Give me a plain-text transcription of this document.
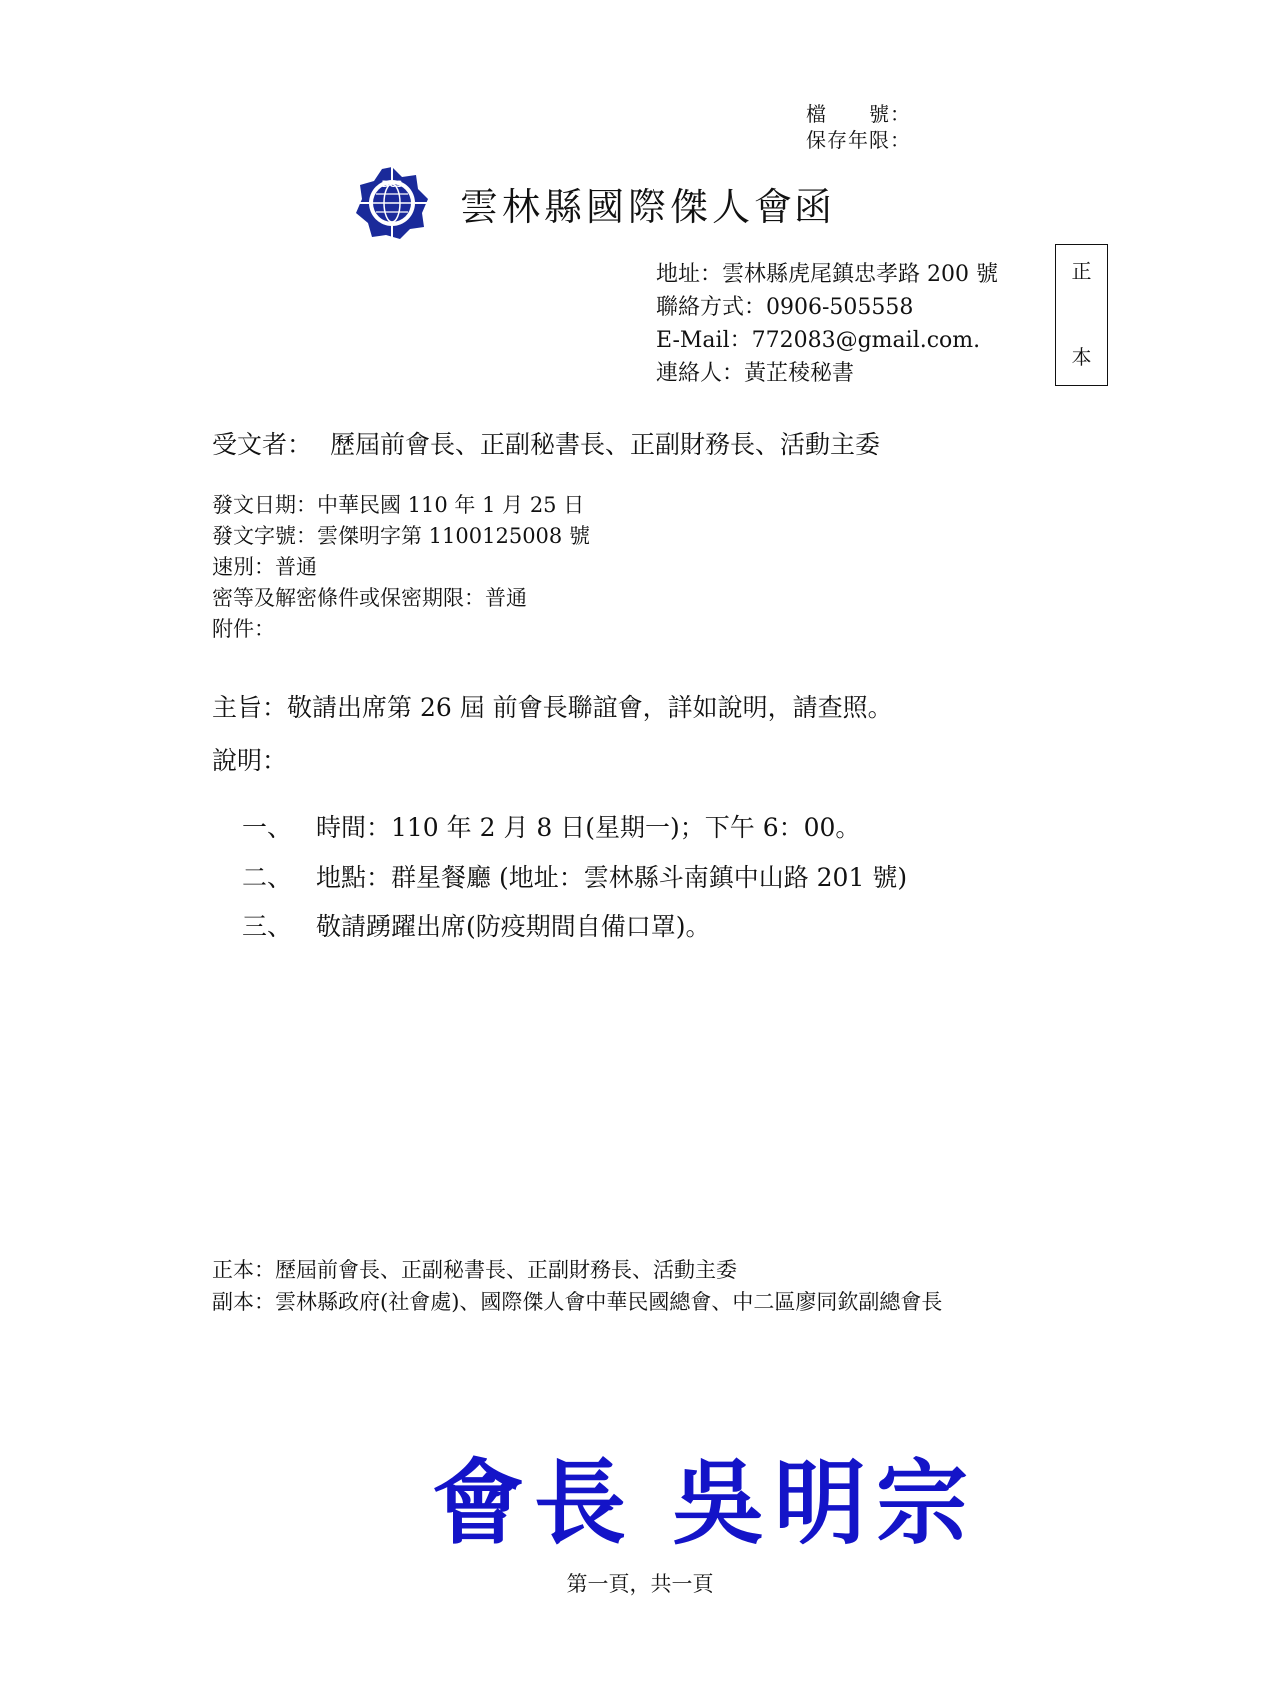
檔　　號：
保存年限：
DCS 雲林縣國際傑人會
函
地址：雲林縣虎尾鎮忠孝路 200 號
聯絡方式：0906-505558
E-Mail：772083@gmail.com.
連絡人：黃芷稜秘書
正
本
受文者： 歷屆前會長、正副秘書長、正副財務長、活動主委
發文日期：中華民國 110 年 1 月 25 日
發文字號：雲傑明字第 1100125008 號
速別：普通
密等及解密條件或保密期限：普通
附件：
主旨：敬請出席第 26 屆 前會長聯誼會，詳如說明，請查照。
說明：
一、 時間：110 年 2 月 8 日(星期一)；下午 6：00。
二、 地點：群星餐廳 (地址：雲林縣斗南鎮中山路 201 號)
三、 敬請踴躍出席(防疫期間自備口罩)。
正本：歷屆前會長、正副秘書長、正副財務長、活動主委
副本：雲林縣政府(社會處)、國際傑人會中華民國總會、中二區廖同欽副總會長
會長 吳明宗
第一頁，共一頁
